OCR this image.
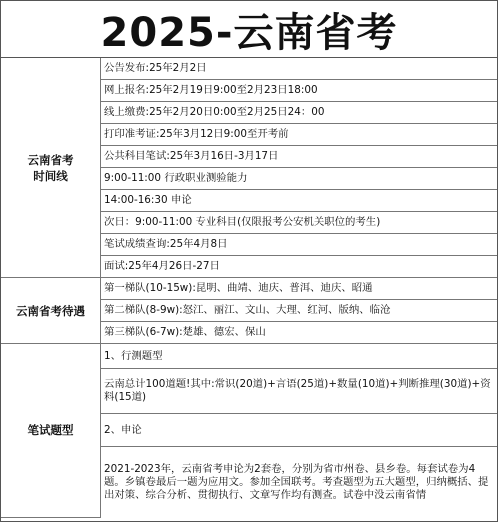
2025-云南省考
云南省考
时间线	公告发布:25年2月2日
	网上报名:25年2月19日9:00至2月23日18:00
	线上缴费:25年2月20日0:00至2月25日24：00
	打印准考证:25年3月12日9:00至开考前
	公共科目笔试:25年3月16日-3月17日
	9:00-11:00 行政职业测验能力
	14:00-16:30 申论
	次日：9:00-11:00 专业科目(仅限报考公安机关职位的考生)
	笔试成绩查询:25年4月8日
	面试:25年4月26日-27日
云南省考待遇	第一梯队(10-15w):昆明、曲靖、迪庆、普洱、迪庆、昭通
	第二梯队(8-9w):怒江、丽江、文山、大理、红河、版纳、临沧
	第三梯队(6-7w):楚雄、德宏、保山
笔试题型	1、行测题型
	云南总计100道题!其中:常识(20道)+言语(25道)+数量(10道)+判断推理(30道)+资料(15道)
	2、申论
	2021-2023年，云南省考申论为2套卷，分别为省市州卷、县乡卷。每套试卷为4题。乡镇卷最后一题为应用文。参加全国联考。考查题型为五大题型，归纳概括、提出对策、综合分析、贯彻执行、文章写作均有测查。试卷中没云南省情
